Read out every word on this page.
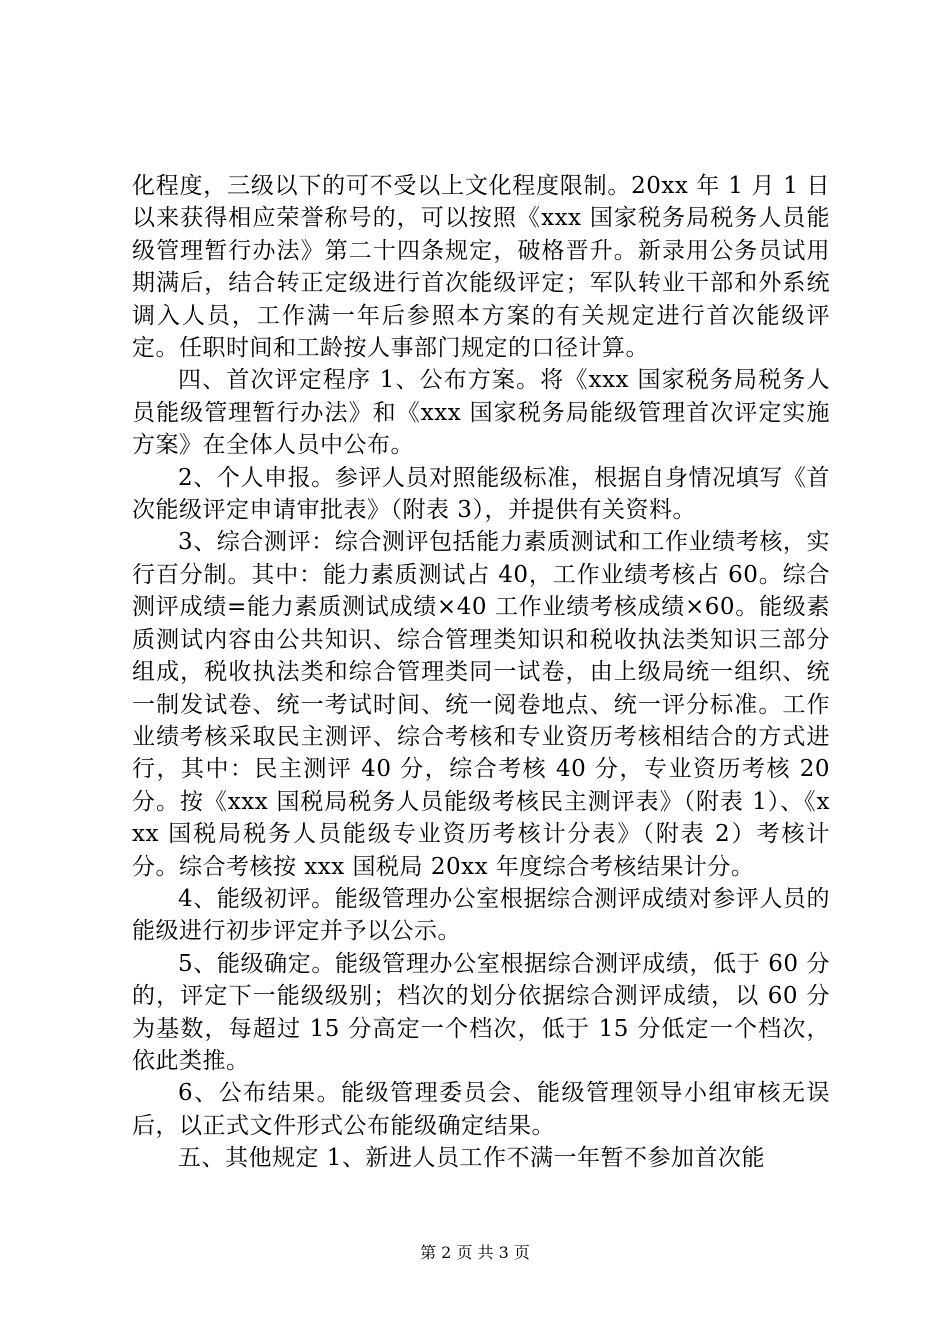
化程度，三级以下的可不受以上文化程度限制。20xx 年 1 月 1 日以来获得相应荣誉称号的，可以按照《xxx 国家税务局税务人员能级管理暂行办法》第二十四条规定，破格晋升。新录用公务员试用期满后，结合转正定级进行首次能级评定；军队转业干部和外系统调入人员，工作满一年后参照本方案的有关规定进行首次能级评定。任职时间和工龄按人事部门规定的口径计算。

四、首次评定程序 1、公布方案。将《xxx 国家税务局税务人员能级管理暂行办法》和《xxx 国家税务局能级管理首次评定实施方案》在全体人员中公布。

2、个人申报。参评人员对照能级标准，根据自身情况填写《首次能级评定申请审批表》（附表 3），并提供有关资料。

3、综合测评：综合测评包括能力素质测试和工作业绩考核，实行百分制。其中：能力素质测试占 40，工作业绩考核占 60。综合测评成绩=能力素质测试成绩×40 工作业绩考核成绩×60。能级素质测试内容由公共知识、综合管理类知识和税收执法类知识三部分组成，税收执法类和综合管理类同一试卷，由上级局统一组织、统一制发试卷、统一考试时间、统一阅卷地点、统一评分标准。工作业绩考核采取民主测评、综合考核和专业资历考核相结合的方式进行，其中：民主测评 40 分，综合考核 40 分，专业资历考核 20 分。按《xxx 国税局税务人员能级考核民主测评表》（附表 1）、《xxx 国税局税务人员能级专业资历考核计分表》（附表 2）考核计分。综合考核按 xxx 国税局 20xx 年度综合考核结果计分。

4、能级初评。能级管理办公室根据综合测评成绩对参评人员的能级进行初步评定并予以公示。

5、能级确定。能级管理办公室根据综合测评成绩，低于 60 分的，评定下一能级级别；档次的划分依据综合测评成绩，以 60 分为基数，每超过 15 分高定一个档次，低于 15 分低定一个档次，依此类推。

6、公布结果。能级管理委员会、能级管理领导小组审核无误后，以正式文件形式公布能级确定结果。

五、其他规定 1、新进人员工作不满一年暂不参加首次能

第 2 页 共 3 页
